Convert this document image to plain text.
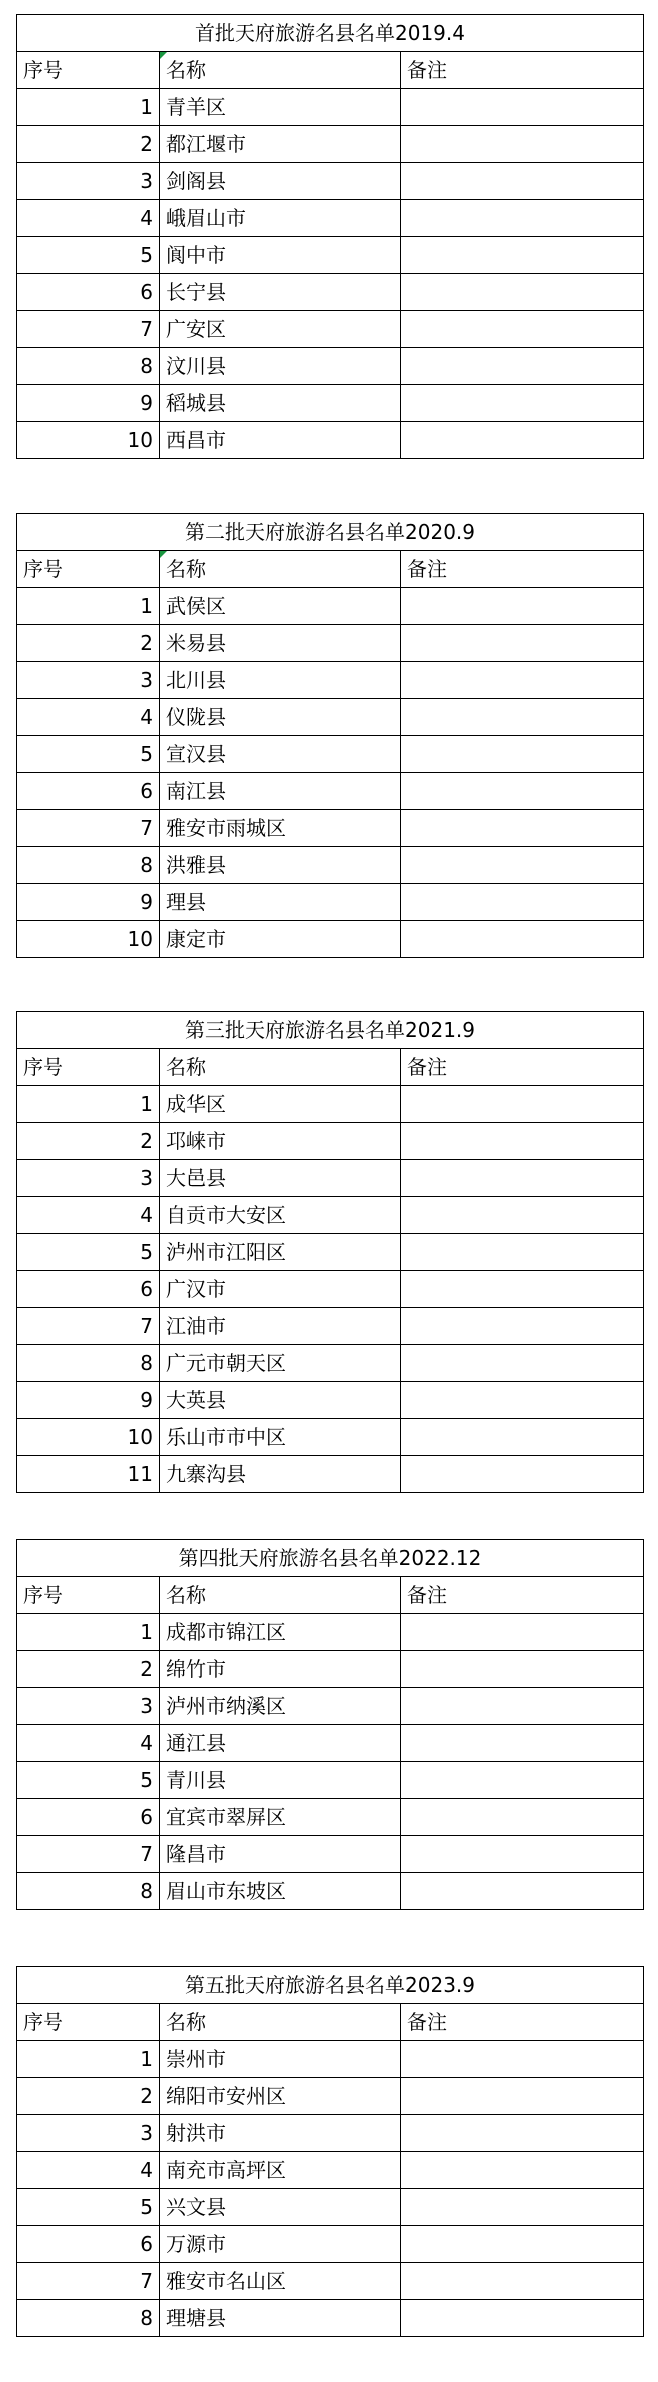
首批天府旅游名县名单2019.4		
序号	名称	备注
1	青羊区	
2	都江堰市	
3	剑阁县	
4	峨眉山市	
5	阆中市	
6	长宁县	
7	广安区	
8	汶川县	
9	稻城县	
10	西昌市	
第二批天府旅游名县名单2020.9		
序号	名称	备注
1	武侯区	
2	米易县	
3	北川县	
4	仪陇县	
5	宣汉县	
6	南江县	
7	雅安市雨城区	
8	洪雅县	
9	理县	
10	康定市	
第三批天府旅游名县名单2021.9		
序号	名称	备注
1	成华区	
2	邛崃市	
3	大邑县	
4	自贡市大安区	
5	泸州市江阳区	
6	广汉市	
7	江油市	
8	广元市朝天区	
9	大英县	
10	乐山市市中区	
11	九寨沟县	
第四批天府旅游名县名单2022.12		
序号	名称	备注
1	成都市锦江区	
2	绵竹市	
3	泸州市纳溪区	
4	通江县	
5	青川县	
6	宜宾市翠屏区	
7	隆昌市	
8	眉山市东坡区	
第五批天府旅游名县名单2023.9		
序号	名称	备注
1	崇州市	
2	绵阳市安州区	
3	射洪市	
4	南充市高坪区	
5	兴文县	
6	万源市	
7	雅安市名山区	
8	理塘县	
